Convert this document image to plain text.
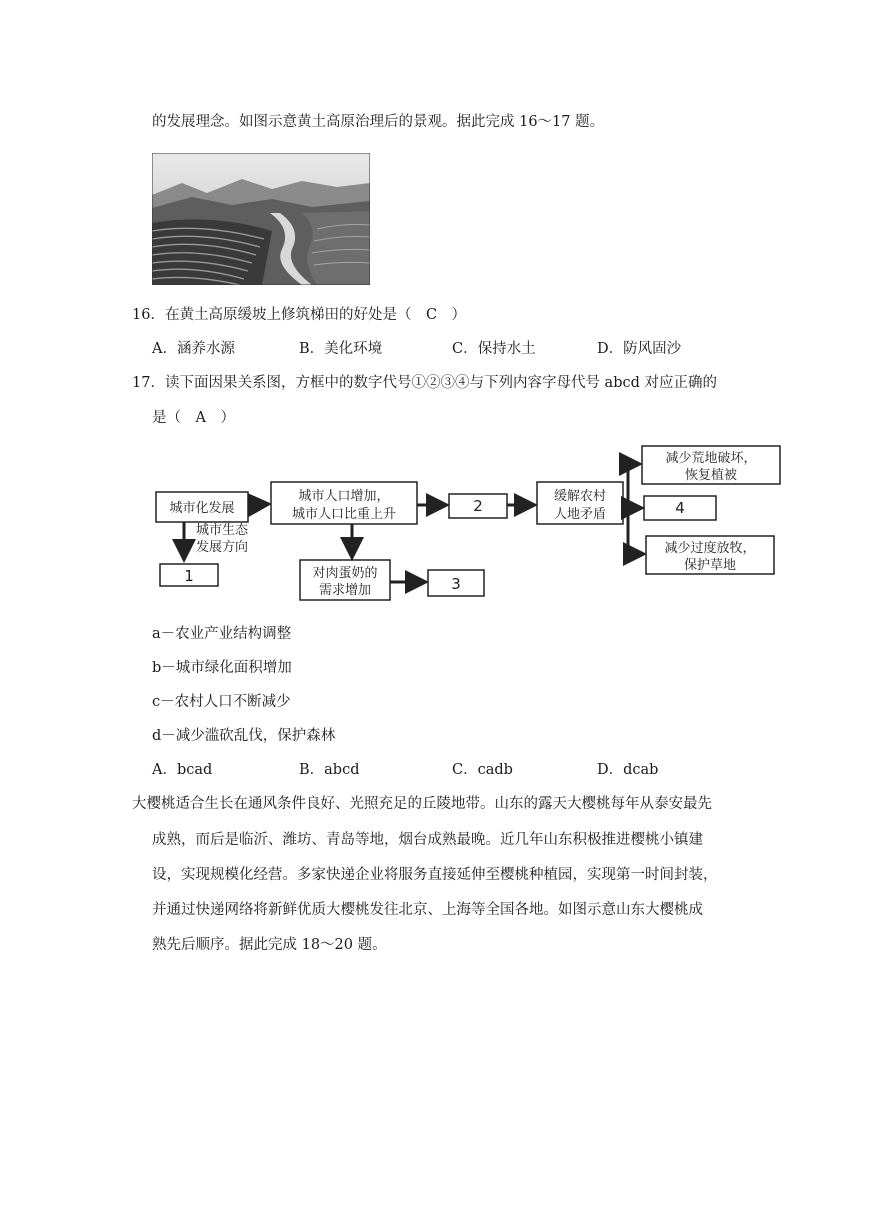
的发展理念。如图示意黄土高原治理后的景观。据此完成 16～17 题。
16．在黄土高原缓坡上修筑梯田的好处是（　C　）
A．涵养水源	B．美化环境	C．保持水土	D．防风固沙
17．读下面因果关系图，方框中的数字代号①②③④与下列内容字母代号 abcd 对应正确的
是（　A　）
城市化发展
城市人口增加，
城市人口比重上升	2
缓解农村
人地矛盾
减少荒地破坏，
恢复植被
4
减少过度放牧，
保护草地
城市生态
发展方向
1	对肉蛋奶的
需求增加	3
a－农业产业结构调整
b－城市绿化面积增加
c－农村人口不断减少
d－减少滥砍乱伐，保护森林
A．bcad	B．abcd	C．cadb	D．dcab
大樱桃适合生长在通风条件良好、光照充足的丘陵地带。山东的露天大樱桃每年从泰安最先
成熟，而后是临沂、潍坊、青岛等地，烟台成熟最晚。近几年山东积极推进樱桃小镇建
设，实现规模化经营。多家快递企业将服务直接延伸至樱桃种植园，实现第一时间封装，
并通过快递网络将新鲜优质大樱桃发往北京、上海等全国各地。如图示意山东大樱桃成
熟先后顺序。据此完成 18～20 题。
